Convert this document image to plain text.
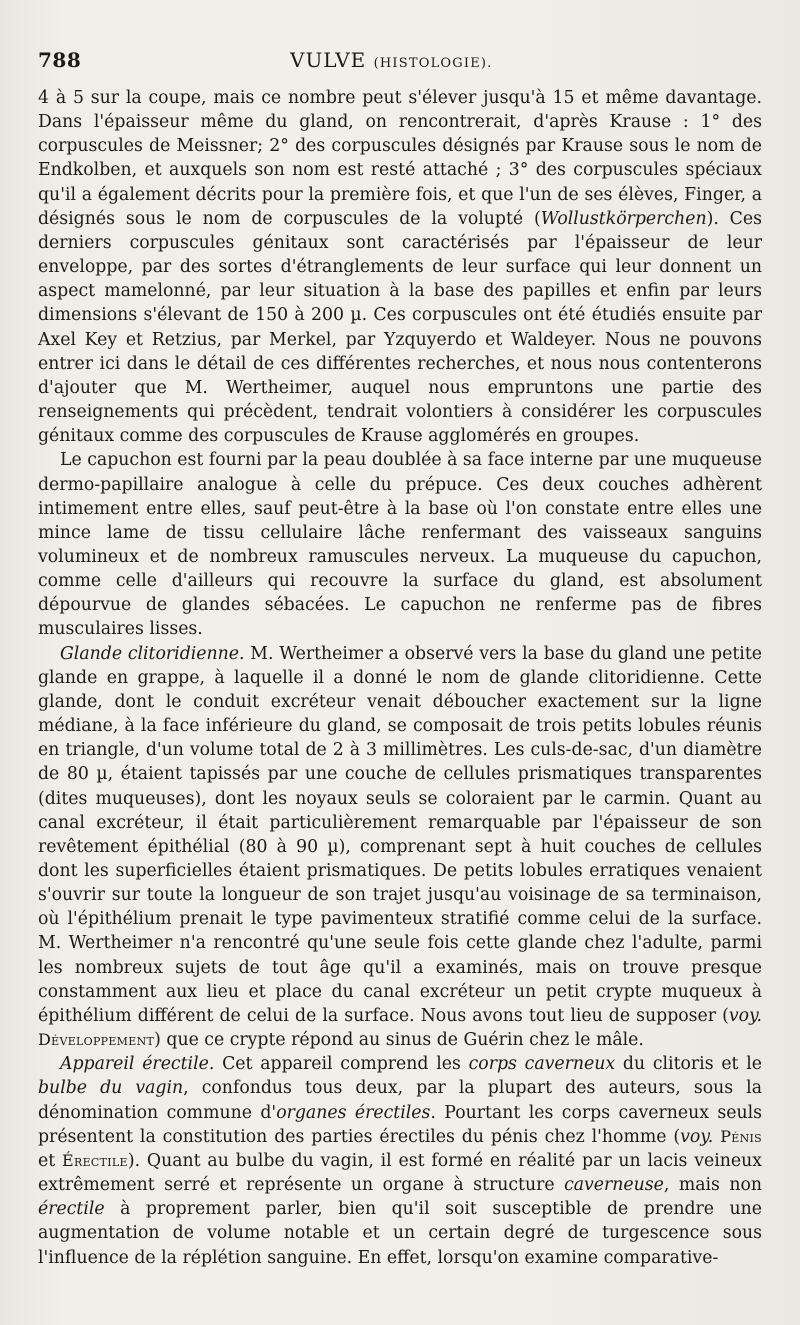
788	VULVE (HISTOLOGIE).

4 à 5 sur la coupe, mais ce nombre peut s'élever jusqu'à 15 et même davantage. Dans l'épaisseur même du gland, on rencontrerait, d'après Krause : 1° des corpuscules de Meissner; 2° des corpuscules désignés par Krause sous le nom de Endkolben, et auxquels son nom est resté attaché ; 3° des corpuscules spéciaux qu'il a également décrits pour la première fois, et que l'un de ses élèves, Finger, a désignés sous le nom de corpuscules de la volupté (Wollustkörperchen). Ces derniers corpuscules génitaux sont caractérisés par l'épaisseur de leur enveloppe, par des sortes d'étranglements de leur surface qui leur donnent un aspect mamelonné, par leur situation à la base des papilles et enfin par leurs dimensions s'élevant de 150 à 200 µ. Ces corpuscules ont été étudiés ensuite par Axel Key et Retzius, par Merkel, par Yzquyerdo et Waldeyer. Nous ne pouvons entrer ici dans le détail de ces différentes recherches, et nous nous contenterons d'ajouter que M. Wertheimer, auquel nous empruntons une partie des renseignements qui précèdent, tendrait volontiers à considérer les corpuscules génitaux comme des corpuscules de Krause agglomérés en groupes.

Le capuchon est fourni par la peau doublée à sa face interne par une muqueuse dermo-papillaire analogue à celle du prépuce. Ces deux couches adhèrent intimement entre elles, sauf peut-être à la base où l'on constate entre elles une mince lame de tissu cellulaire lâche renfermant des vaisseaux sanguins volumineux et de nombreux ramuscules nerveux. La muqueuse du capuchon, comme celle d'ailleurs qui recouvre la surface du gland, est absolument dépourvue de glandes sébacées. Le capuchon ne renferme pas de fibres musculaires lisses.

Glande clitoridienne. M. Wertheimer a observé vers la base du gland une petite glande en grappe, à laquelle il a donné le nom de glande clitoridienne. Cette glande, dont le conduit excréteur venait déboucher exactement sur la ligne médiane, à la face inférieure du gland, se composait de trois petits lobules réunis en triangle, d'un volume total de 2 à 3 millimètres. Les culs-de-sac, d'un diamètre de 80 µ, étaient tapissés par une couche de cellules prismatiques transparentes (dites muqueuses), dont les noyaux seuls se coloraient par le carmin. Quant au canal excréteur, il était particulièrement remarquable par l'épaisseur de son revêtement épithélial (80 à 90 µ), comprenant sept à huit couches de cellules dont les superficielles étaient prismatiques. De petits lobules erratiques venaient s'ouvrir sur toute la longueur de son trajet jusqu'au voisinage de sa terminaison, où l'épithélium prenait le type pavimenteux stratifié comme celui de la surface. M. Wertheimer n'a rencontré qu'une seule fois cette glande chez l'adulte, parmi les nombreux sujets de tout âge qu'il a examinés, mais on trouve presque constamment aux lieu et place du canal excréteur un petit crypte muqueux à épithélium différent de celui de la surface. Nous avons tout lieu de supposer (voy. Développement) que ce crypte répond au sinus de Guérin chez le mâle.

Appareil érectile. Cet appareil comprend les corps caverneux du clitoris et le bulbe du vagin, confondus tous deux, par la plupart des auteurs, sous la dénomination commune d'organes érectiles. Pourtant les corps caverneux seuls présentent la constitution des parties érectiles du pénis chez l'homme (voy. Pénis et Érectile). Quant au bulbe du vagin, il est formé en réalité par un lacis veineux extrêmement serré et représente un organe à structure caverneuse, mais non érectile à proprement parler, bien qu'il soit susceptible de prendre une augmentation de volume notable et un certain degré de turgescence sous l'influence de la réplétion sanguine. En effet, lorsqu'on examine comparative-
